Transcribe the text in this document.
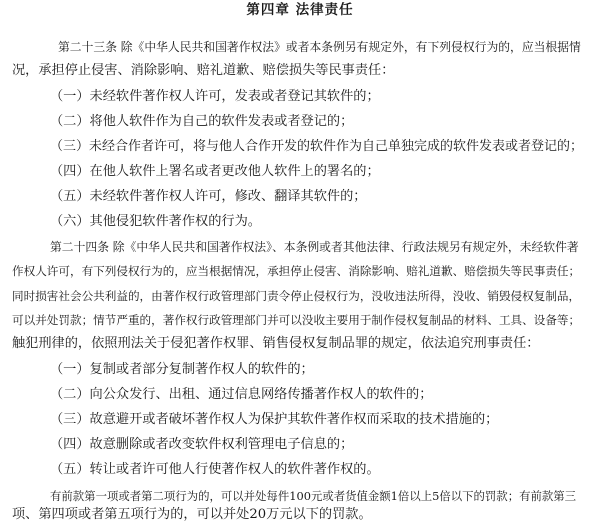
第四章 法律责任
第二十三条 除《中华人民共和国著作权法》或者本条例另有规定外，有下列侵权行为的，应当根据情
况，承担停止侵害、消除影响、赔礼道歉、赔偿损失等民事责任：
（一）未经软件著作权人许可，发表或者登记其软件的；
（二）将他人软件作为自己的软件发表或者登记的；
（三）未经合作者许可，将与他人合作开发的软件作为自己单独完成的软件发表或者登记的；
（四）在他人软件上署名或者更改他人软件上的署名的；
（五）未经软件著作权人许可，修改、翻译其软件的；
（六）其他侵犯软件著作权的行为。
第二十四条 除《中华人民共和国著作权法》、本条例或者其他法律、行政法规另有规定外，未经软件著
作权人许可，有下列侵权行为的，应当根据情况，承担停止侵害、消除影响、赔礼道歉、赔偿损失等民事责任；
同时损害社会公共利益的，由著作权行政管理部门责令停止侵权行为，没收违法所得，没收、销毁侵权复制品，
可以并处罚款；情节严重的，著作权行政管理部门并可以没收主要用于制作侵权复制品的材料、工具、设备等；
触犯刑律的，依照刑法关于侵犯著作权罪、销售侵权复制品罪的规定，依法追究刑事责任：
（一）复制或者部分复制著作权人的软件的；
（二）向公众发行、出租、通过信息网络传播著作权人的软件的；
（三）故意避开或者破坏著作权人为保护其软件著作权而采取的技术措施的；
（四）故意删除或者改变软件权利管理电子信息的；
（五）转让或者许可他人行使著作权人的软件著作权的。
有前款第一项或者第二项行为的，可以并处每件100元或者货值金额1倍以上5倍以下的罚款；有前款第三
项、第四项或者第五项行为的，可以并处20万元以下的罚款。
